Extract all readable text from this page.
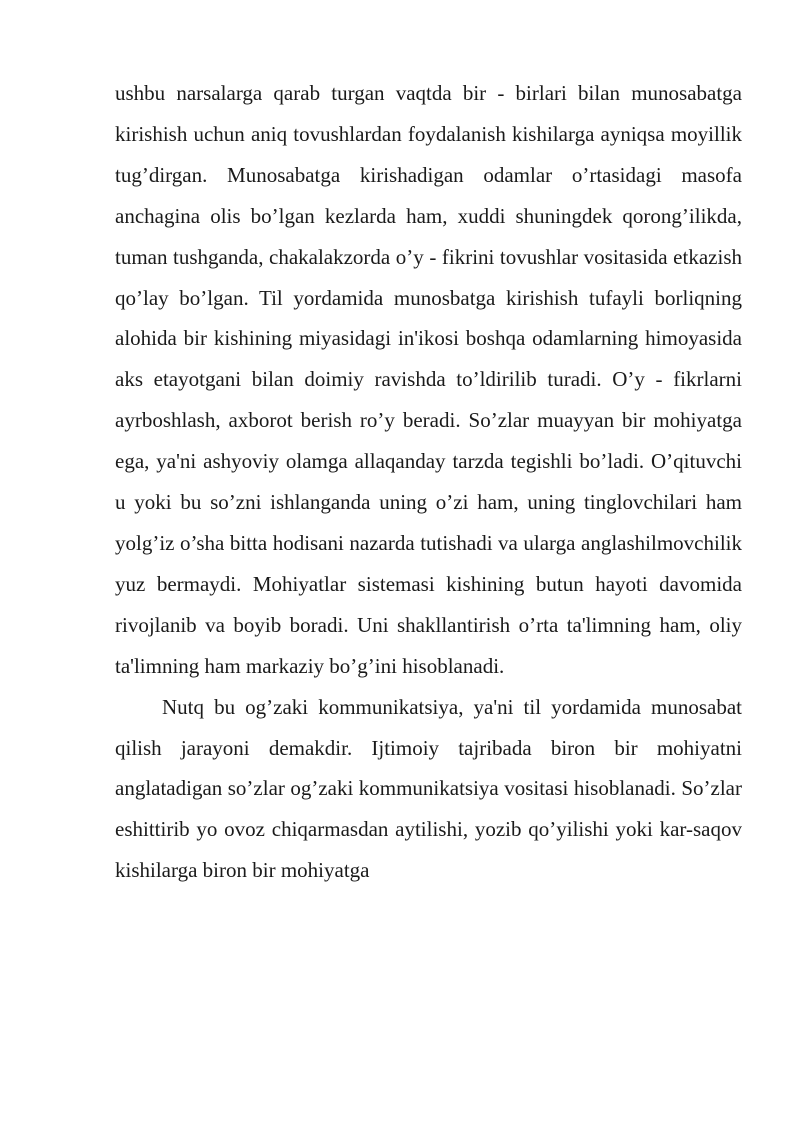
ushbu narsalarga qarab turgan vaqtda bir - birlari bilan munosabatga kirishish uchun aniq tovushlardan foydalanish kishilarga ayniqsa moyillik tug’dirgan. Munosabatga kirishadigan odamlar o’rtasidagi masofa anchagina olis bo’lgan kezlarda ham, xuddi shuningdek qorong’ilikda, tuman tushganda, chakalakzorda o’y - fikrini tovushlar vositasida etkazish qo’lay bo’lgan. Til yordamida munosbatga kirishish tufayli borliqning alohida bir kishining miyasidagi in'ikosi boshqa odamlarning himoyasida aks etayotgani bilan doimiy ravishda to’ldirilib turadi. O’y - fikrlarni ayrboshlash, axborot berish ro’y beradi. So’zlar muayyan bir mohiyatga ega, ya'ni ashyoviy olamga allaqanday tarzda tegishli bo’ladi. O’qituvchi u yoki bu so’zni ishlanganda uning o’zi ham, uning tinglovchilari ham yolg’iz o’sha bitta hodisani nazarda tutishadi va ularga anglashilmovchilik yuz bermaydi. Mohiyatlar sistemasi kishining butun hayoti davomida rivojlanib va boyib boradi. Uni shakllantirish o’rta ta'limning ham, oliy ta'limning ham markaziy bo’g’ini hisoblanadi.

Nutq bu og’zaki kommunikatsiya, ya'ni til yordamida munosabat qilish jarayoni demakdir. Ijtimoiy tajribada biron bir mohiyatni anglatadigan so’zlar og’zaki kommunikatsiya vositasi hisoblanadi. So’zlar eshittirib yo ovoz chiqarmasdan aytilishi, yozib qo’yilishi yoki kar-saqov kishilarga biron bir mohiyatga
